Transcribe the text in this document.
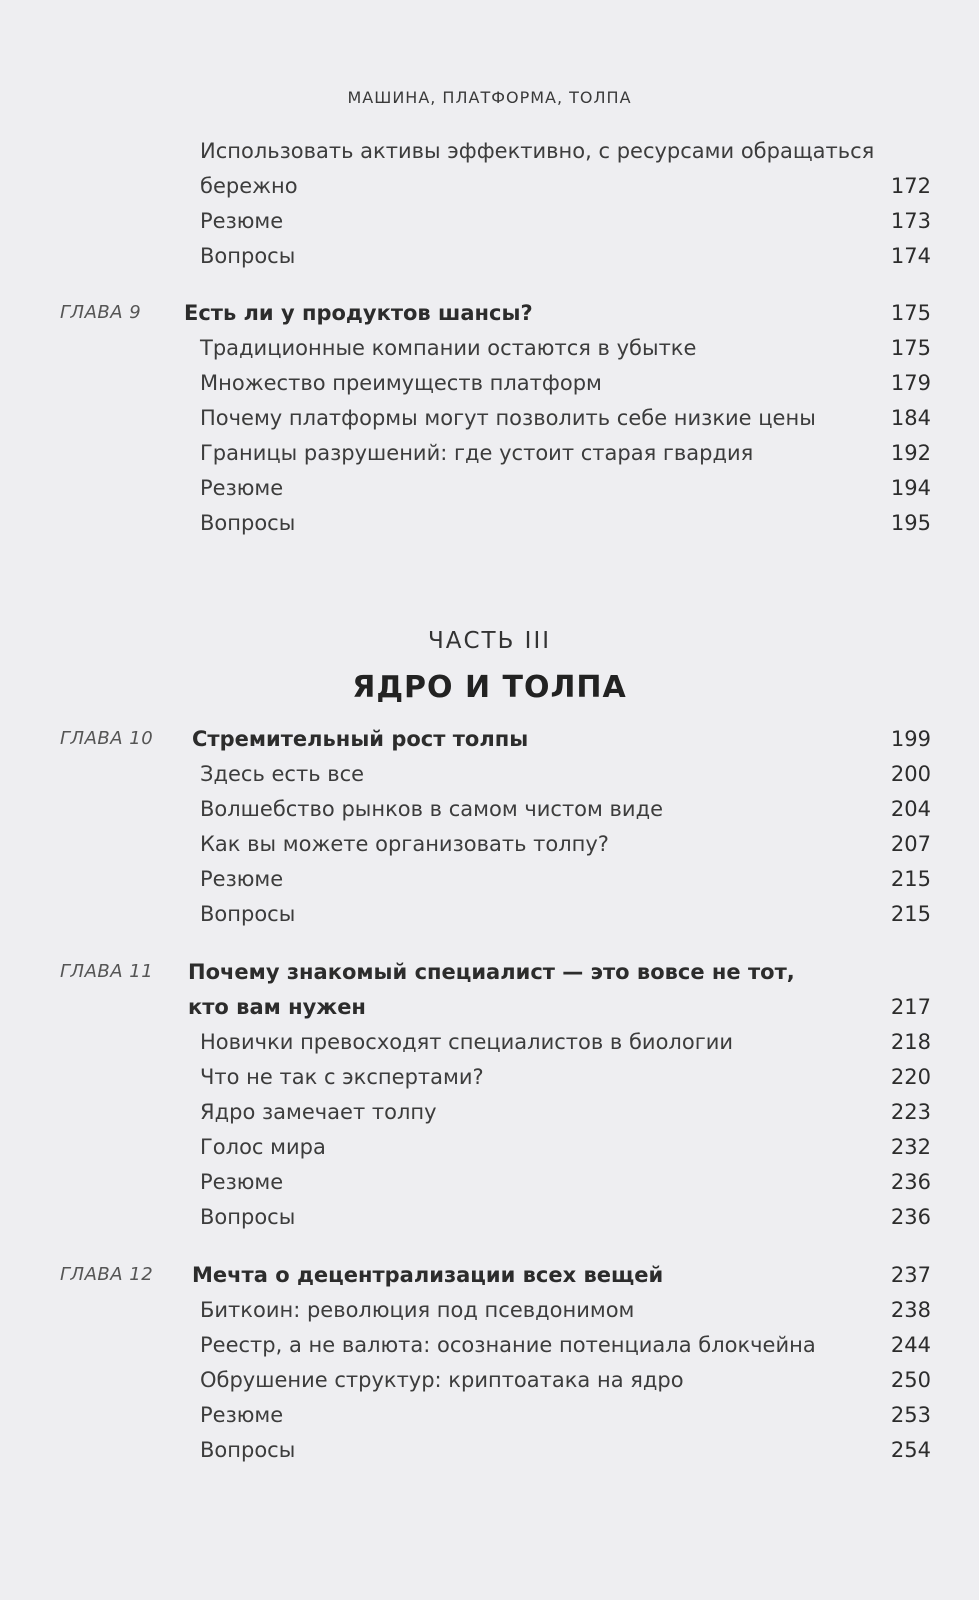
МАШИНА, ПЛАТФОРМА, ТОЛПА
Использовать активы эффективно, с ресурсами обращаться
бережно	172
Резюме	173
Вопросы	174
ГЛАВА 9 Есть ли у продуктов шансы?	175
Традиционные компании остаются в убытке	175
Множество преимуществ платформ	179
Почему платформы могут позволить себе низкие цены	184
Границы разрушений: где устоит старая гвардия	192
Резюме	194
Вопросы	195
ЧАСТЬ III
ЯДРО И ТОЛПА
ГЛАВА 10 Стремительный рост толпы	199
Здесь есть все	200
Волшебство рынков в самом чистом виде	204
Как вы можете организовать толпу?	207
Резюме	215
Вопросы	215
ГЛАВА 11 Почему знакомый специалист — это вовсе не тот,
кто вам нужен	217
Новички превосходят специалистов в биологии	218
Что не так с экспертами?	220
Ядро замечает толпу	223
Голос мира	232
Резюме	236
Вопросы	236
ГЛАВА 12 Мечта о децентрализации всех вещей	237
Биткоин: революция под псевдонимом	238
Реестр, а не валюта: осознание потенциала блокчейна	244
Обрушение структур: криптоатака на ядро	250
Резюме	253
Вопросы	254
